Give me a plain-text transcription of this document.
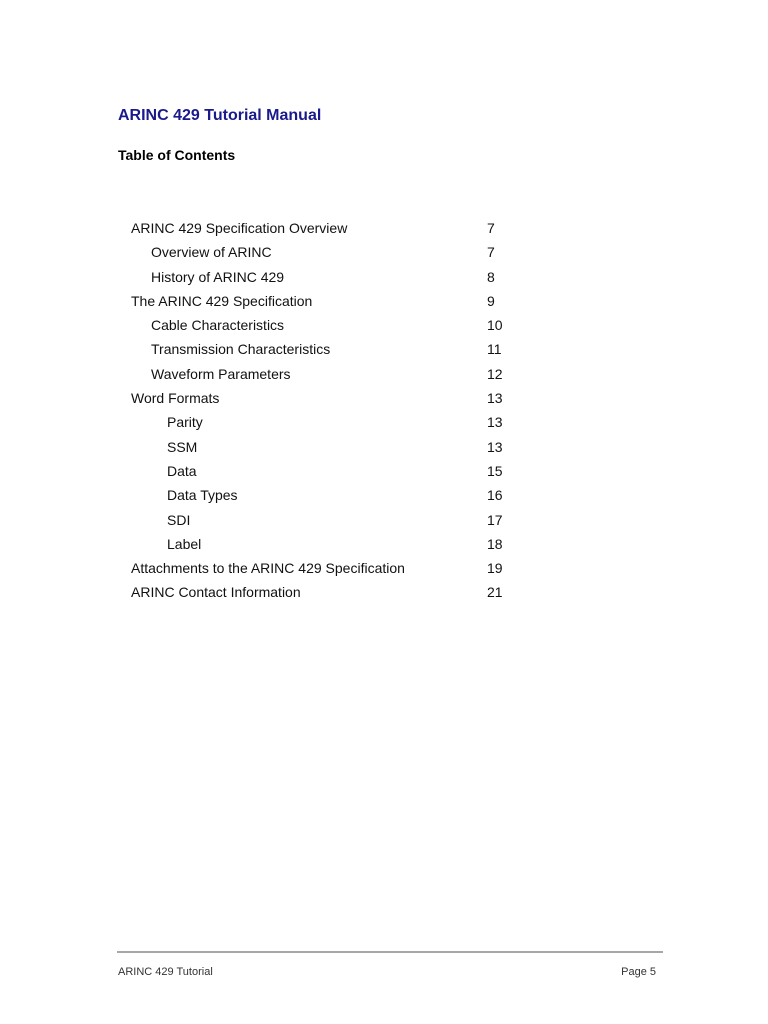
ARINC 429 Tutorial Manual
Table of Contents
ARINC 429 Specification Overview	7
Overview of ARINC	7
History of ARINC 429	8
The ARINC 429 Specification	9
Cable Characteristics	10
Transmission Characteristics	11
Waveform Parameters	12
Word Formats	13
Parity	13
SSM	13
Data	15
Data Types	16
SDI	17
Label	18
Attachments to the ARINC 429 Specification	19
ARINC Contact Information	21
ARINC 429 Tutorial	Page 5
